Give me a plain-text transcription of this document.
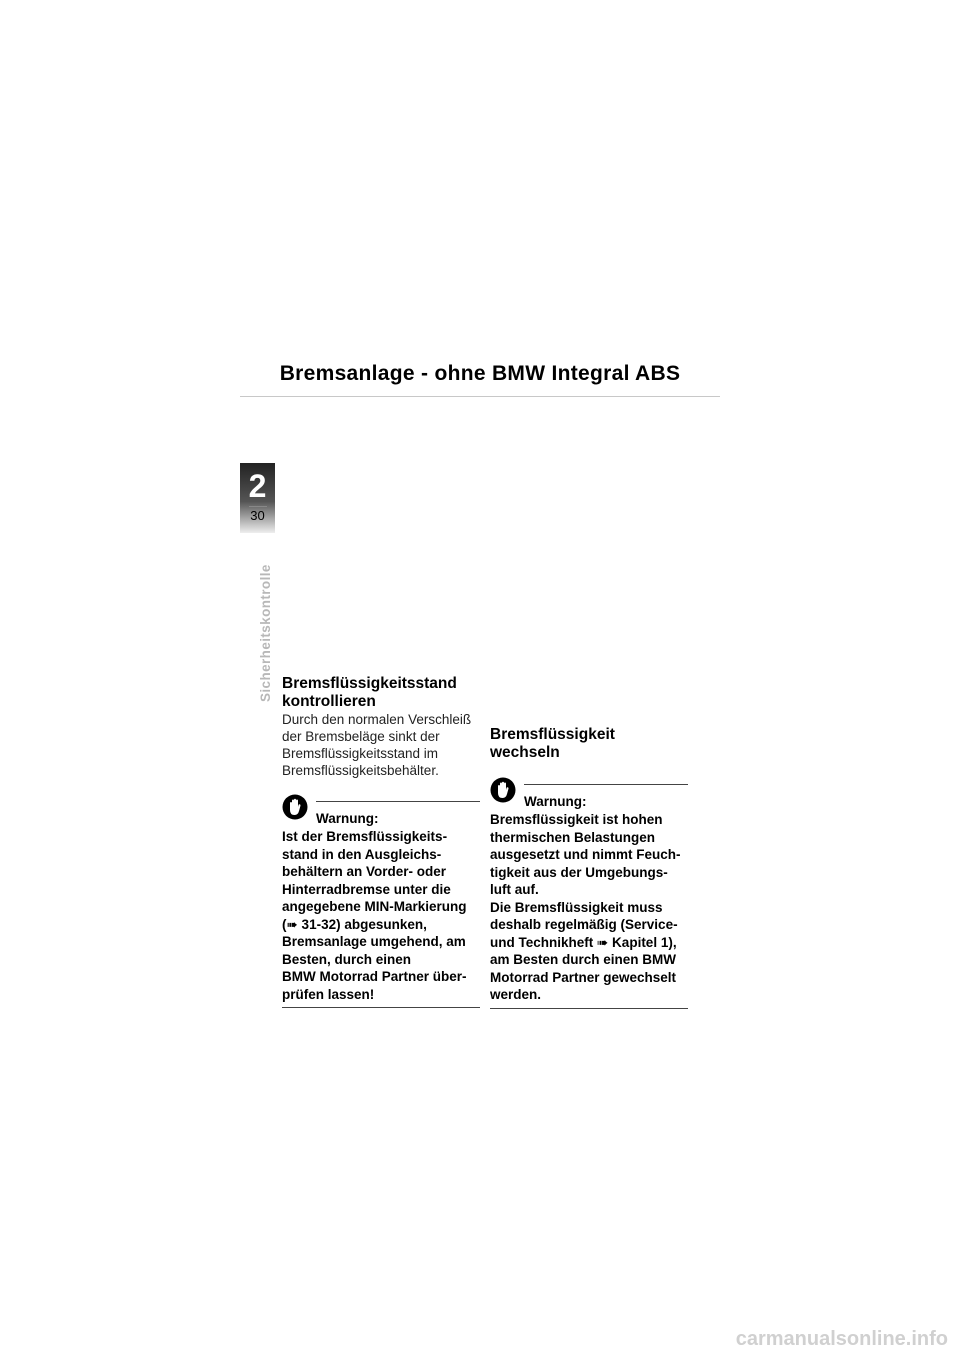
Bremsanlage - ohne BMW Integral ABS
2
30
Sicherheitskontrolle Bremsflüssigkeitsstand
kontrollieren
Durch den normalen Verschleiß
der Bremsbeläge sinkt der
Bremsflüssigkeitsstand im
Bremsflüssigkeitsbehälter.
Warnung:
Ist der Bremsflüssigkeits-
stand in den Ausgleichs-
behältern an Vorder- oder
Hinterradbremse unter die
angegebene MIN-Markierung
(➠ 31-32) abgesunken,
Bremsanlage umgehend, am
Besten, durch einen
BMW Motorrad Partner über-
prüfen lassen!
Bremsflüssigkeit
wechseln
Warnung:
Bremsflüssigkeit ist hohen
thermischen Belastungen
ausgesetzt und nimmt Feuch-
tigkeit aus der Umgebungs-
luft auf.
Die Bremsflüssigkeit muss
deshalb regelmäßig (Service-
und Technikheft ➠ Kapitel 1),
am Besten durch einen BMW
Motorrad Partner gewechselt
werden.
carmanualsonline.info
